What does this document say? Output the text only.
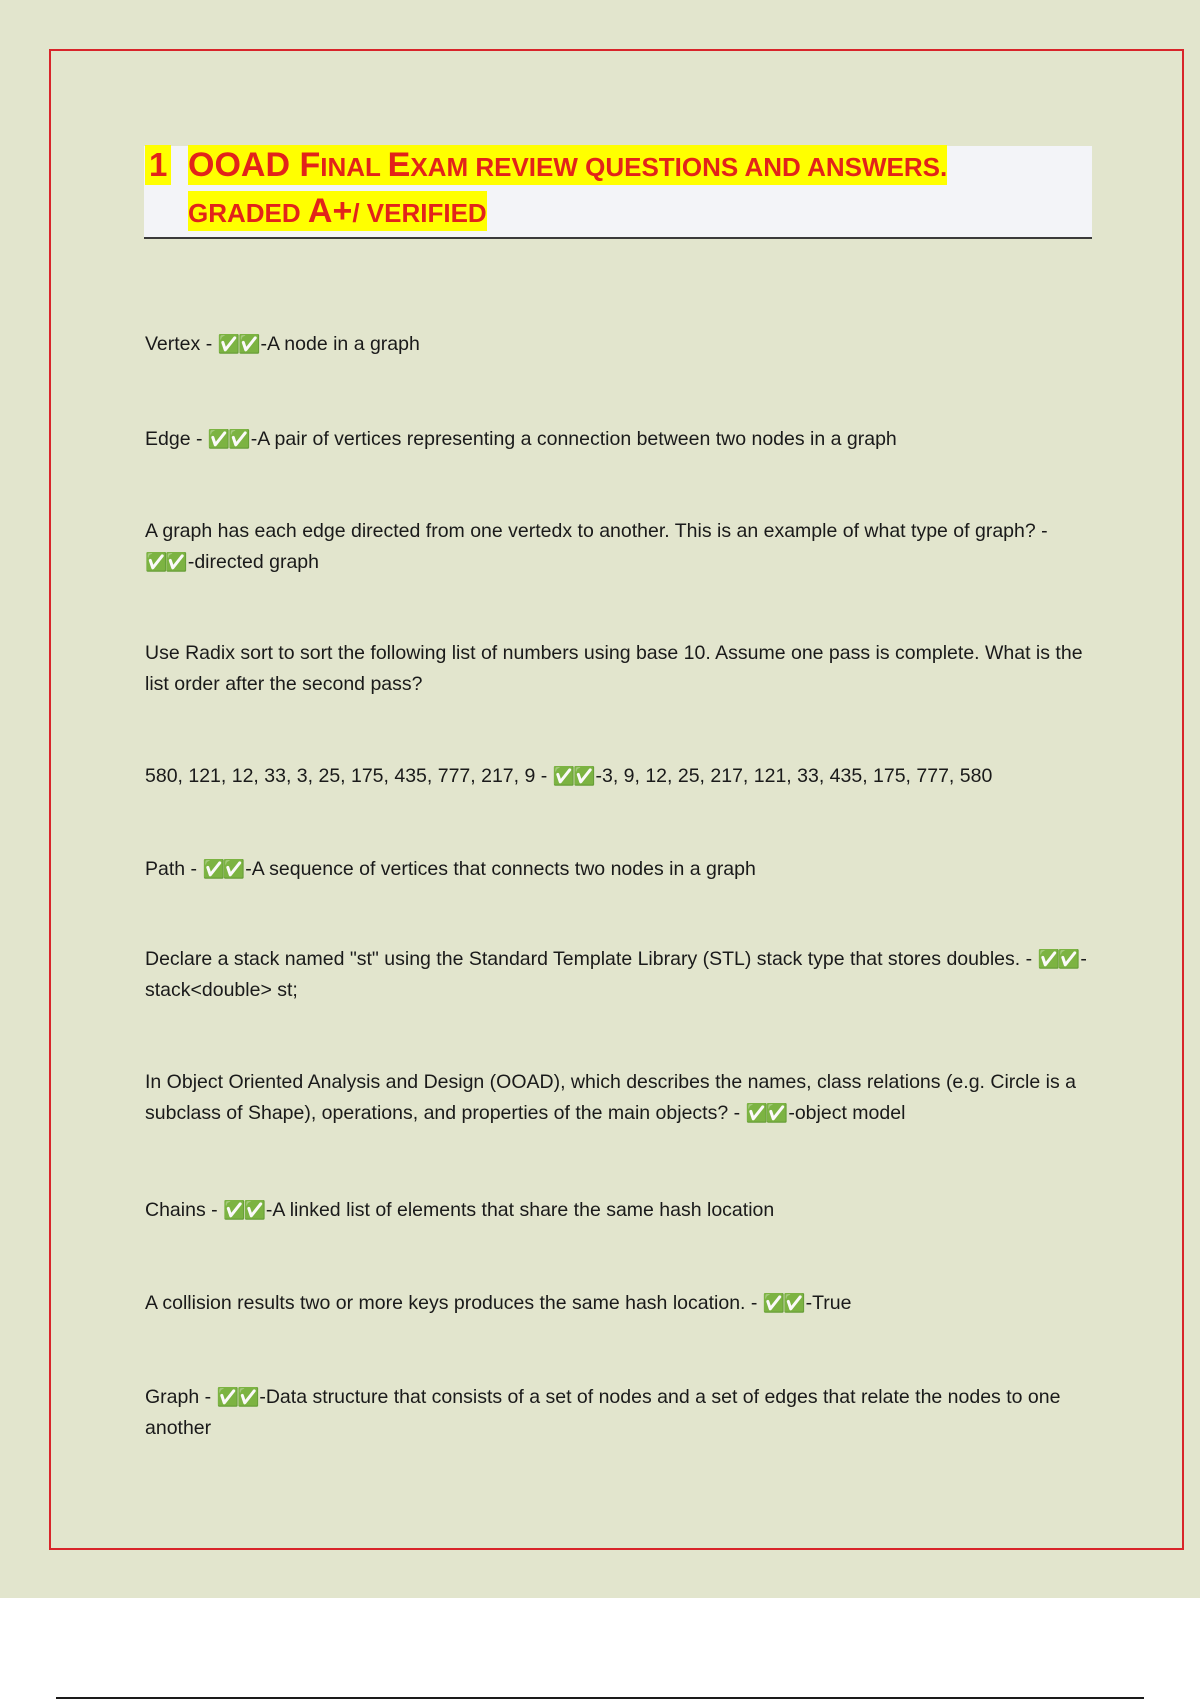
1 OOAD FINAL EXAM REVIEW QUESTIONS AND ANSWERS.
GRADED A+/ VERIFIED
Vertex - ✅✅ -A node in a graph
Edge - ✅✅ -A pair of vertices representing a connection between two nodes in a graph
A graph has each edge directed from one vertedx to another. This is an example of what type of graph? - ✅✅ -directed graph
Use Radix sort to sort the following list of numbers using base 10. Assume one pass is complete. What is the list order after the second pass?
580, 121, 12, 33, 3, 25, 175, 435, 777, 217, 9 - ✅✅ -3, 9, 12, 25, 217, 121, 33, 435, 175, 777, 580
Path - ✅✅ -A sequence of vertices that connects two nodes in a graph
Declare a stack named "st" using the Standard Template Library (STL) stack type that stores doubles. - ✅✅ -stack<double> st;
In Object Oriented Analysis and Design (OOAD), which describes the names, class relations (e.g. Circle is a subclass of Shape), operations, and properties of the main objects? - ✅✅ -object model
Chains - ✅✅ -A linked list of elements that share the same hash location
A collision results two or more keys produces the same hash location. - ✅✅ -True
Graph - ✅✅ -Data structure that consists of a set of nodes and a set of edges that relate the nodes to one another
